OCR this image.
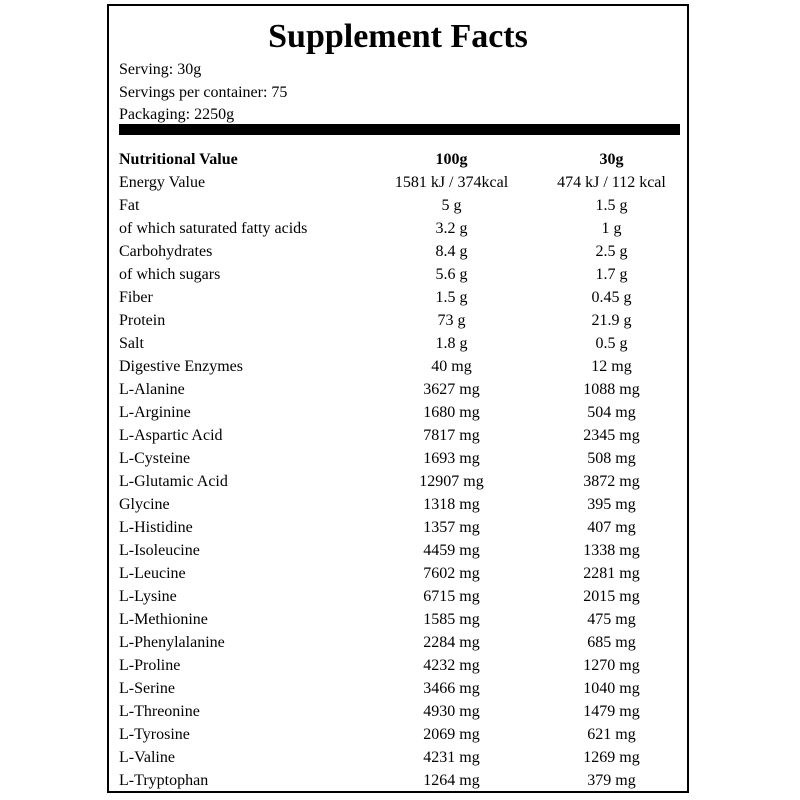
Supplement Facts
Serving: 30g
Servings per container: 75
Packaging: 2250g
Nutritional Value	100g	30g
Energy Value	1581 kJ / 374kcal	474 kJ / 112 kcal
Fat	5 g	1.5 g
of which saturated fatty acids	3.2 g	1 g
Carbohydrates	8.4 g	2.5 g
of which sugars	5.6 g	1.7 g
Fiber	1.5 g	0.45 g
Protein	73 g	21.9 g
Salt	1.8 g	0.5 g
Digestive Enzymes	40 mg	12 mg
L-Alanine	3627 mg	1088 mg
L-Arginine	1680 mg	504 mg
L-Aspartic Acid	7817 mg	2345 mg
L-Cysteine	1693 mg	508 mg
L-Glutamic Acid	12907 mg	3872 mg
Glycine	1318 mg	395 mg
L-Histidine	1357 mg	407 mg
L-Isoleucine	4459 mg	1338 mg
L-Leucine	7602 mg	2281 mg
L-Lysine	6715 mg	2015 mg
L-Methionine	1585 mg	475 mg
L-Phenylalanine	2284 mg	685 mg
L-Proline	4232 mg	1270 mg
L-Serine	3466 mg	1040 mg
L-Threonine	4930 mg	1479 mg
L-Tyrosine	2069 mg	621 mg
L-Valine	4231 mg	1269 mg
L-Tryptophan	1264 mg	379 mg
